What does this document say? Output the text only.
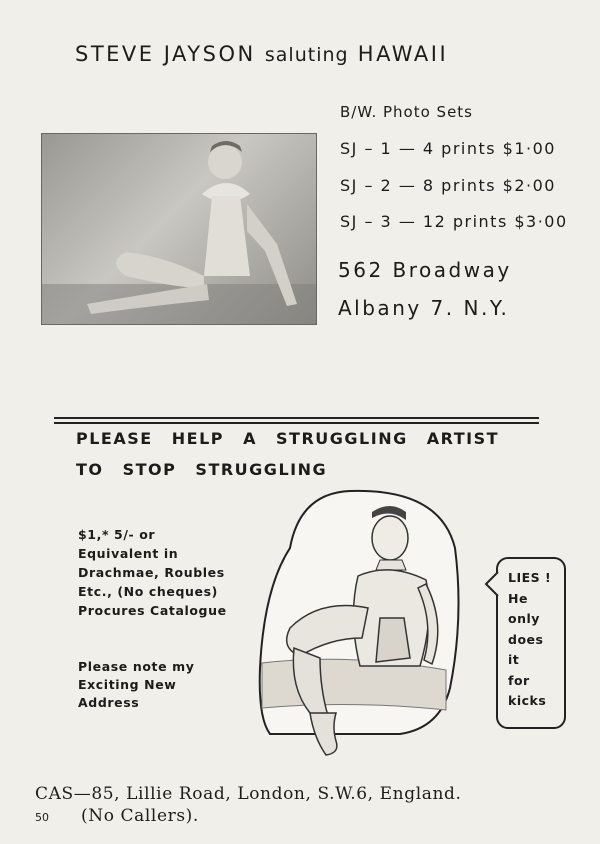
STEVE JAYSON saluting HAWAII
B/W. Photo Sets
SJ – 1 — 4 prints $1·00
SJ – 2 — 8 prints $2·00
SJ – 3 — 12 prints $3·00
562 Broadway
Albany 7. N.Y.
PLEASE HELP A STRUGGLING ARTIST
TO STOP STRUGGLING
$1,* 5/- or
Equivalent in
Drachmae, Roubles
Etc., (No cheques)
Procures Catalogue
Please note my
Exciting New
Address
LIES !
He
only
does
it
for
kicks
CAS—85, Lillie Road, London, S.W.6, England.
(No Callers).
50
